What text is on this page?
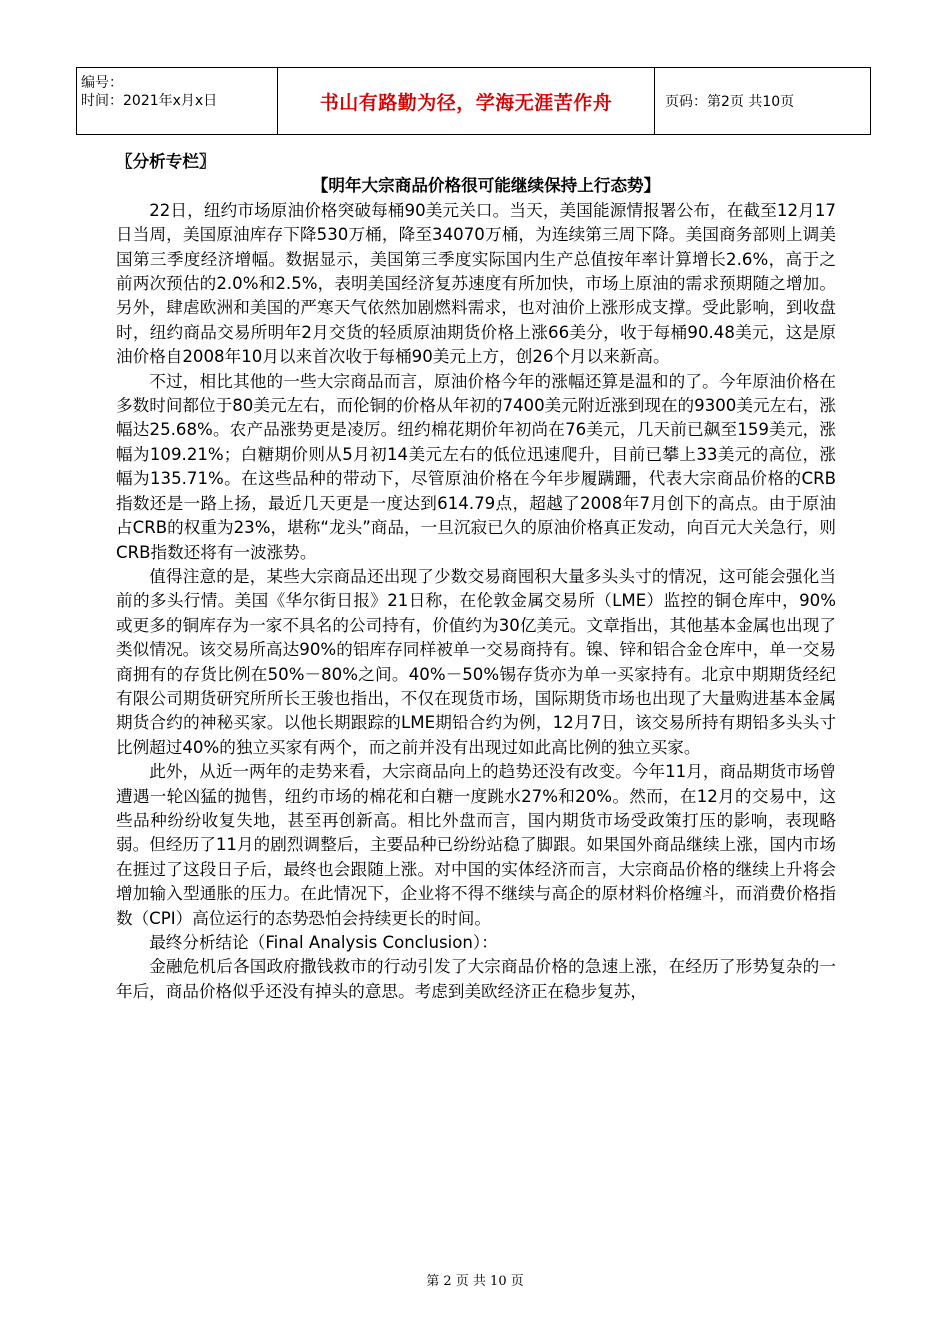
编号：
时间：2021年x月x日	书山有路勤为径，学海无涯苦作舟	页码：第2页 共10页

〖分析专栏〗

【明年大宗商品价格很可能继续保持上行态势】

22日，纽约市场原油价格突破每桶90美元关口。当天，美国能源情报署公布，在截至12月17日当周，美国原油库存下降530万桶，降至34070万桶，为连续第三周下降。美国商务部则上调美国第三季度经济增幅。数据显示，美国第三季度实际国内生产总值按年率计算增长2.6%，高于之前两次预估的2.0%和2.5%，表明美国经济复苏速度有所加快，市场上原油的需求预期随之增加。另外，肆虐欧洲和美国的严寒天气依然加剧燃料需求，也对油价上涨形成支撑。受此影响，到收盘时，纽约商品交易所明年2月交货的轻质原油期货价格上涨66美分，收于每桶90.48美元，这是原油价格自2008年10月以来首次收于每桶90美元上方，创26个月以来新高。

不过，相比其他的一些大宗商品而言，原油价格今年的涨幅还算是温和的了。今年原油价格在多数时间都位于80美元左右，而伦铜的价格从年初的7400美元附近涨到现在的9300美元左右，涨幅达25.68%。农产品涨势更是凌厉。纽约棉花期价年初尚在76美元，几天前已飙至159美元，涨幅为109.21%；白糖期价则从5月初14美元左右的低位迅速爬升，目前已攀上33美元的高位，涨幅为135.71%。在这些品种的带动下，尽管原油价格在今年步履蹒跚，代表大宗商品价格的CRB指数还是一路上扬，最近几天更是一度达到614.79点，超越了2008年7月创下的高点。由于原油占CRB的权重为23%，堪称“龙头”商品，一旦沉寂已久的原油价格真正发动，向百元大关急行，则CRB指数还将有一波涨势。

值得注意的是，某些大宗商品还出现了少数交易商囤积大量多头头寸的情况，这可能会强化当前的多头行情。美国《华尔街日报》21日称，在伦敦金属交易所（LME）监控的铜仓库中，90%或更多的铜库存为一家不具名的公司持有，价值约为30亿美元。文章指出，其他基本金属也出现了类似情况。该交易所高达90%的铝库存同样被单一交易商持有。镍、锌和铝合金仓库中，单一交易商拥有的存货比例在50%－80%之间。40%－50%锡存货亦为单一买家持有。北京中期期货经纪有限公司期货研究所所长王骏也指出，不仅在现货市场，国际期货市场也出现了大量购进基本金属期货合约的神秘买家。以他长期跟踪的LME期铅合约为例，12月7日，该交易所持有期铅多头头寸比例超过40%的独立买家有两个，而之前并没有出现过如此高比例的独立买家。

此外，从近一两年的走势来看，大宗商品向上的趋势还没有改变。今年11月，商品期货市场曾遭遇一轮凶猛的抛售，纽约市场的棉花和白糖一度跳水27%和20%。然而，在12月的交易中，这些品种纷纷收复失地，甚至再创新高。相比外盘而言，国内期货市场受政策打压的影响，表现略弱。但经历了11月的剧烈调整后，主要品种已纷纷站稳了脚跟。如果国外商品继续上涨，国内市场在捱过了这段日子后，最终也会跟随上涨。对中国的实体经济而言，大宗商品价格的继续上升将会增加输入型通胀的压力。在此情况下，企业将不得不继续与高企的原材料价格缠斗，而消费价格指数（CPI）高位运行的态势恐怕会持续更长的时间。

最终分析结论（Final Analysis Conclusion）：

金融危机后各国政府撒钱救市的行动引发了大宗商品价格的急速上涨，在经历了形势复杂的一年后，商品价格似乎还没有掉头的意思。考虑到美欧经济正在稳步复苏，

第 2 页 共 10 页
